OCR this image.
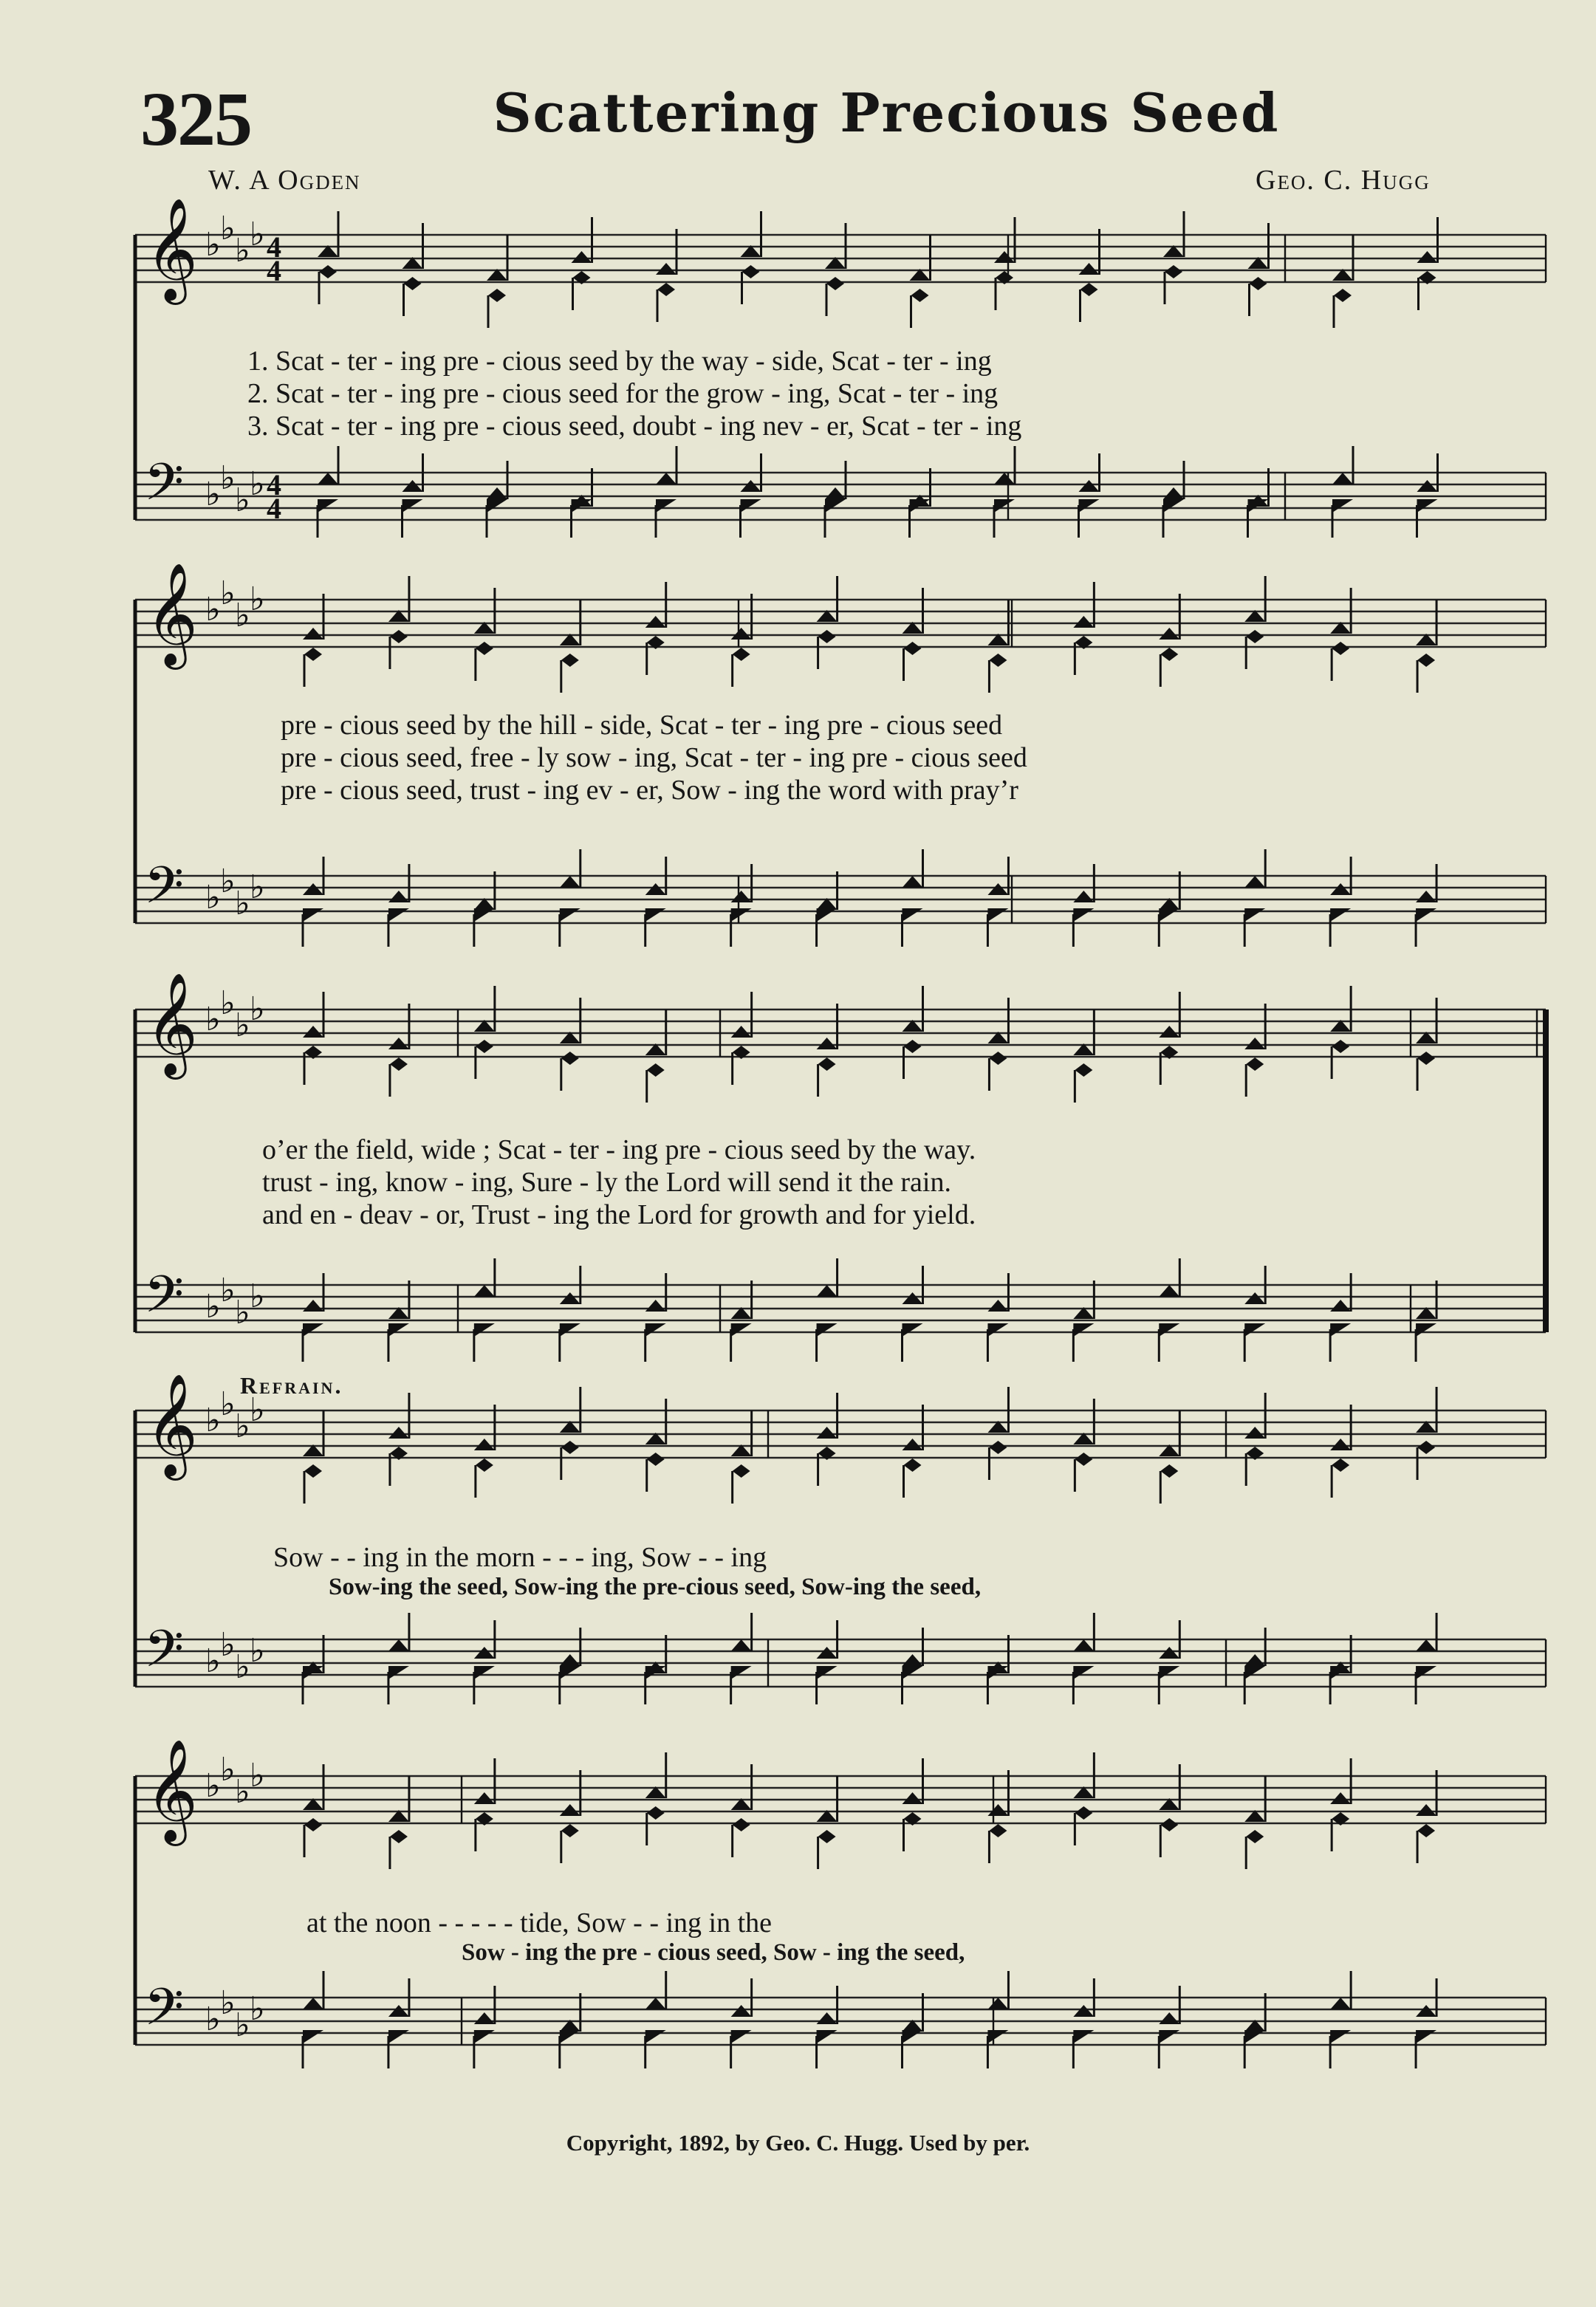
325	Scattering Precious Seed
W. A Ogden	Geo. C. Hugg
𝄞
𝄢
♭
♭
♭
♭
♭
♭
♭
♭
4
4
4
4
𝄞
𝄢
♭
♭
♭
♭
♭
♭
♭
♭
𝄞
𝄢
♭
♭
♭
♭
♭
♭
♭
♭
𝄞
𝄢
♭
♭
♭
♭
♭
♭
♭
♭
𝄞
𝄢
♭
♭
♭
♭
♭
♭
♭
♭
1. Scat - ter - ing pre - cious seed by the way - side, Scat - ter - ing
2. Scat - ter - ing pre - cious seed for the grow - ing, Scat - ter - ing
3. Scat - ter - ing pre - cious seed, doubt - ing nev - er, Scat - ter - ing
pre - cious seed by the hill - side, Scat - ter - ing pre - cious seed
pre - cious seed, free - ly sow - ing, Scat - ter - ing pre - cious seed
pre - cious seed, trust - ing ev - er, Sow - ing the word with pray’r
o’er the field, wide ; Scat - ter - ing pre - cious seed by the way.
trust - ing, know - ing, Sure - ly the Lord will send it the rain.
and en - deav - or, Trust - ing the Lord for growth and for yield.
Refrain.
Sow - - ing in the morn - - - ing, Sow - - ing
Sow-ing the seed, Sow-ing the pre-cious seed, Sow-ing the seed,
at the noon - - - - - tide, Sow - - ing in the
Sow - ing the pre - cious seed, Sow - ing the seed,
Copyright, 1892, by Geo. C. Hugg. Used by per.
